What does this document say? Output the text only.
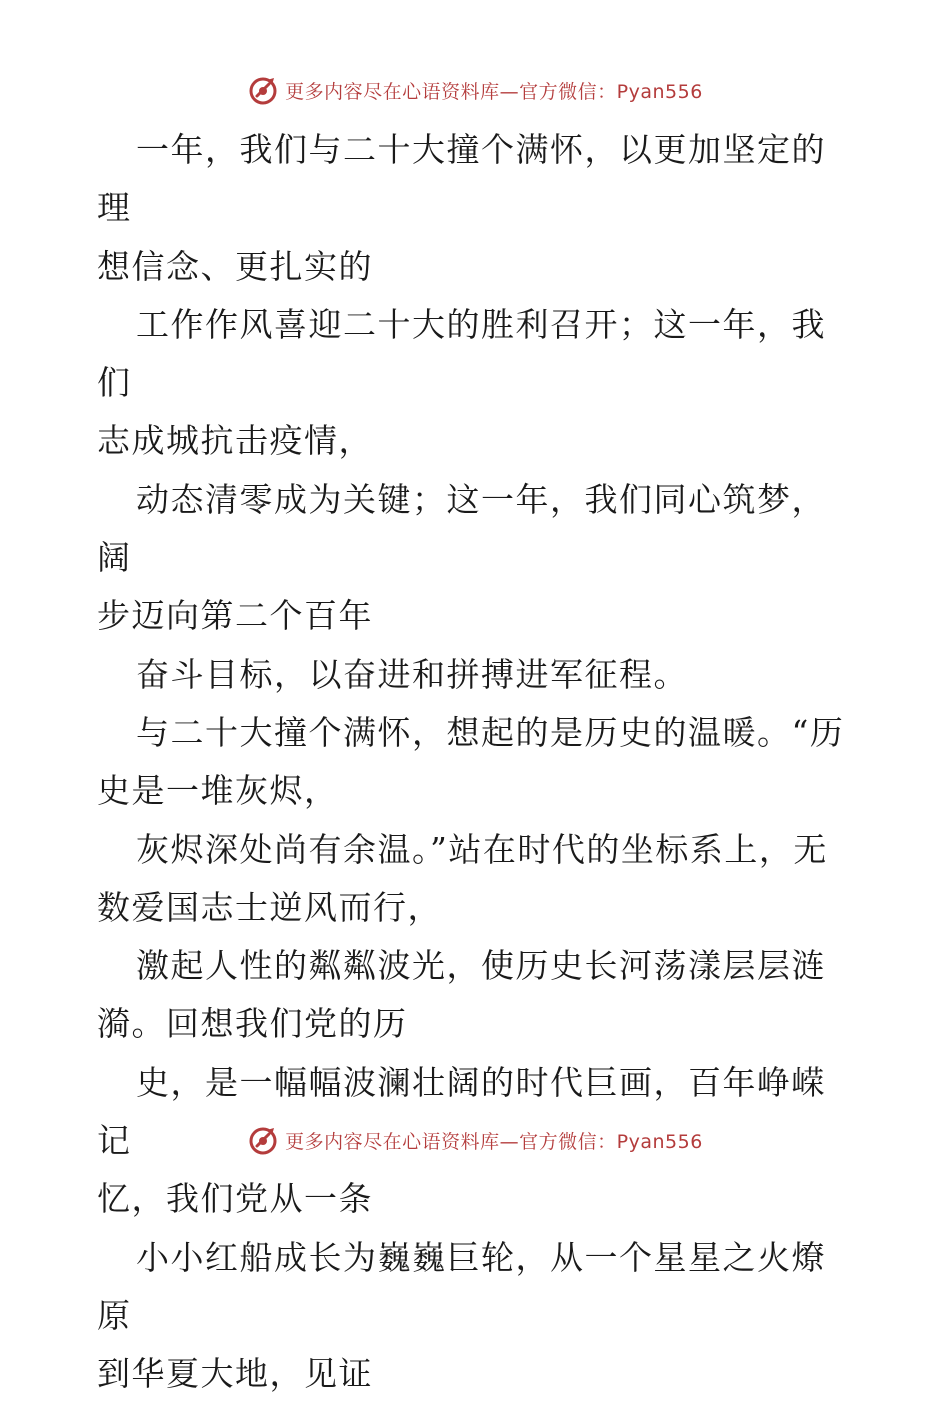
更多内容尽在心语资料库—官方微信：Pyan556

一年，我们与二十大撞个满怀，以更加坚定的理
想信念、更扎实的

工作作风喜迎二十大的胜利召开；这一年，我们
志成城抗击疫情，

动态清零成为关键；这一年，我们同心筑梦，阔
步迈向第二个百年

奋斗目标，以奋进和拼搏进军征程。

与二十大撞个满怀，想起的是历史的温暖。“历
史是一堆灰烬，

灰烬深处尚有余温。”站在时代的坐标系上，无
数爱国志士逆风而行，

激起人性的粼粼波光，使历史长河荡漾层层涟
漪。回想我们党的历

史，是一幅幅波澜壮阔的时代巨画，百年峥嵘记
忆，我们党从一条

小小红船成长为巍巍巨轮，从一个星星之火燎原
到华夏大地，见证

更多内容尽在心语资料库—官方微信：Pyan556
